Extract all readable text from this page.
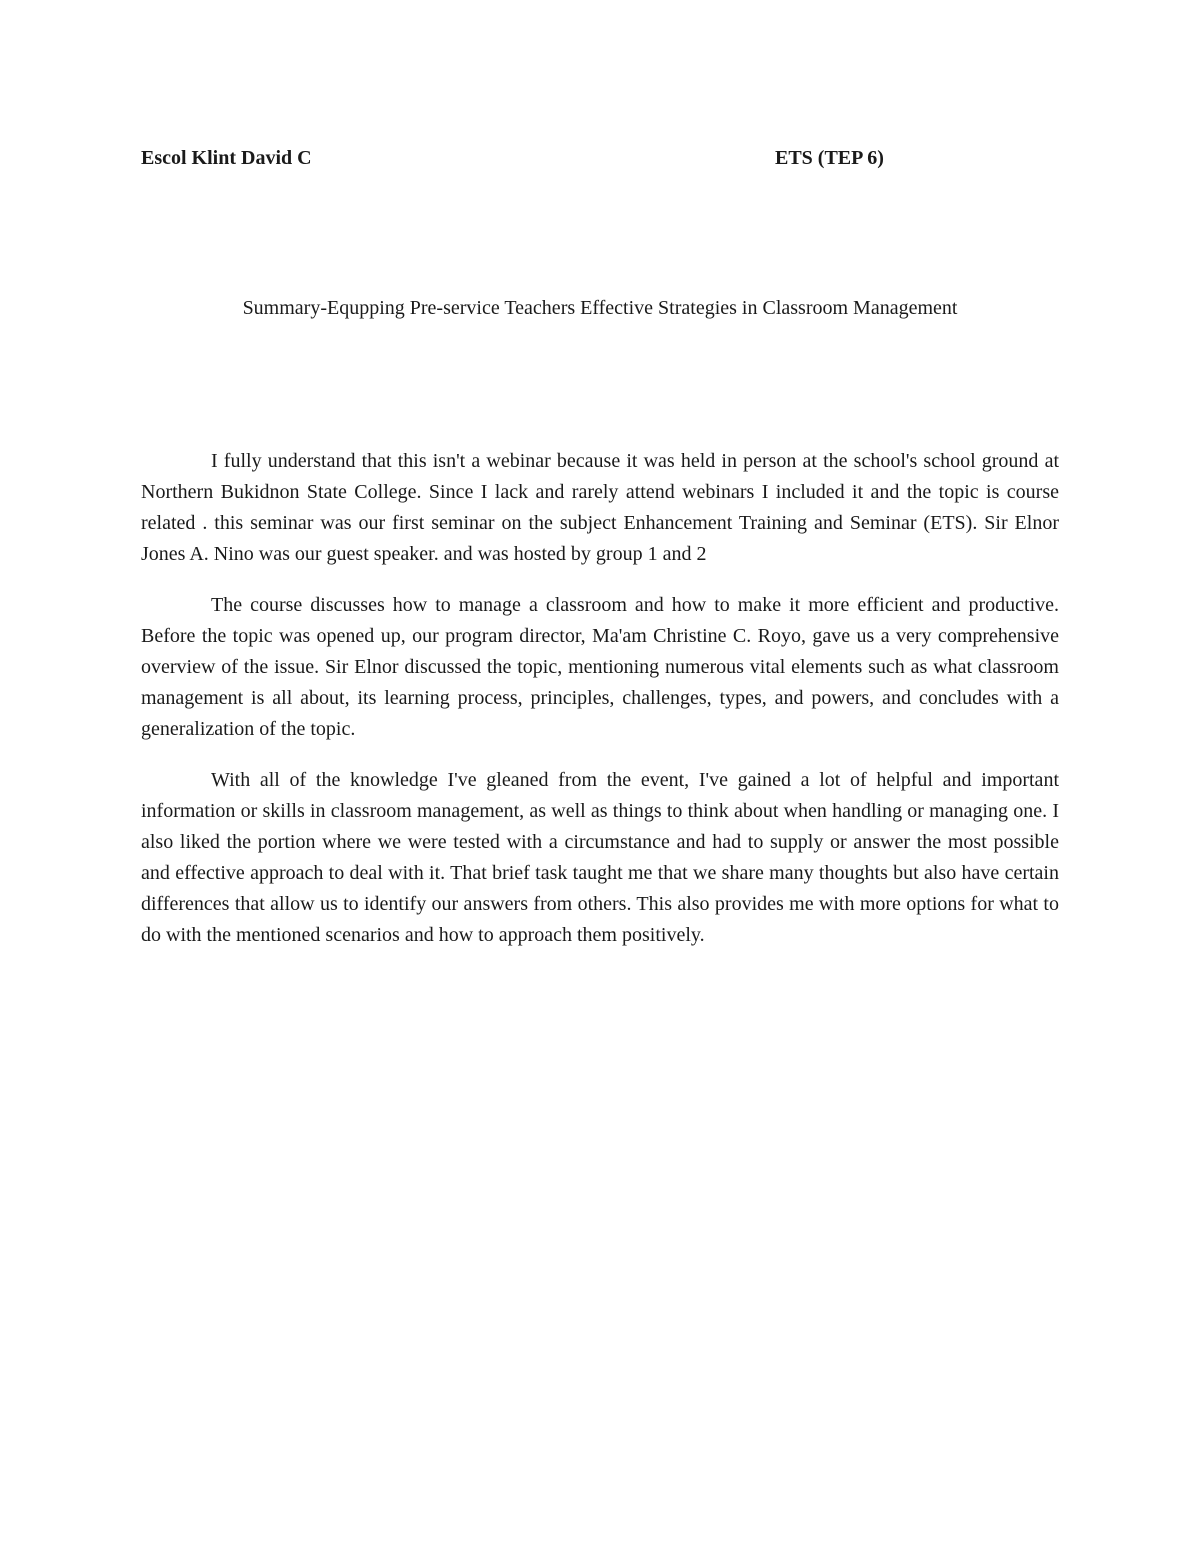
Escol Klint David C	ETS (TEP 6)
Summary-Equpping Pre-service Teachers Effective Strategies in Classroom Management

I fully understand that this isn't a webinar because it was held in person at the school's school ground at Northern Bukidnon State College. Since I lack and rarely attend webinars I included it and the topic is course related . this seminar was our first seminar on the subject Enhancement Training and Seminar (ETS). Sir Elnor Jones A. Nino was our guest speaker. and was hosted by group 1 and 2

The course discusses how to manage a classroom and how to make it more efficient and productive. Before the topic was opened up, our program director, Ma'am Christine C. Royo, gave us a very comprehensive overview of the issue. Sir Elnor discussed the topic, mentioning numerous vital elements such as what classroom management is all about, its learning process, principles, challenges, types, and powers, and concludes with a generalization of the topic.

With all of the knowledge I've gleaned from the event, I've gained a lot of helpful and important information or skills in classroom management, as well as things to think about when handling or managing one. I also liked the portion where we were tested with a circumstance and had to supply or answer the most possible and effective approach to deal with it. That brief task taught me that we share many thoughts but also have certain differences that allow us to identify our answers from others. This also provides me with more options for what to do with the mentioned scenarios and how to approach them positively.
